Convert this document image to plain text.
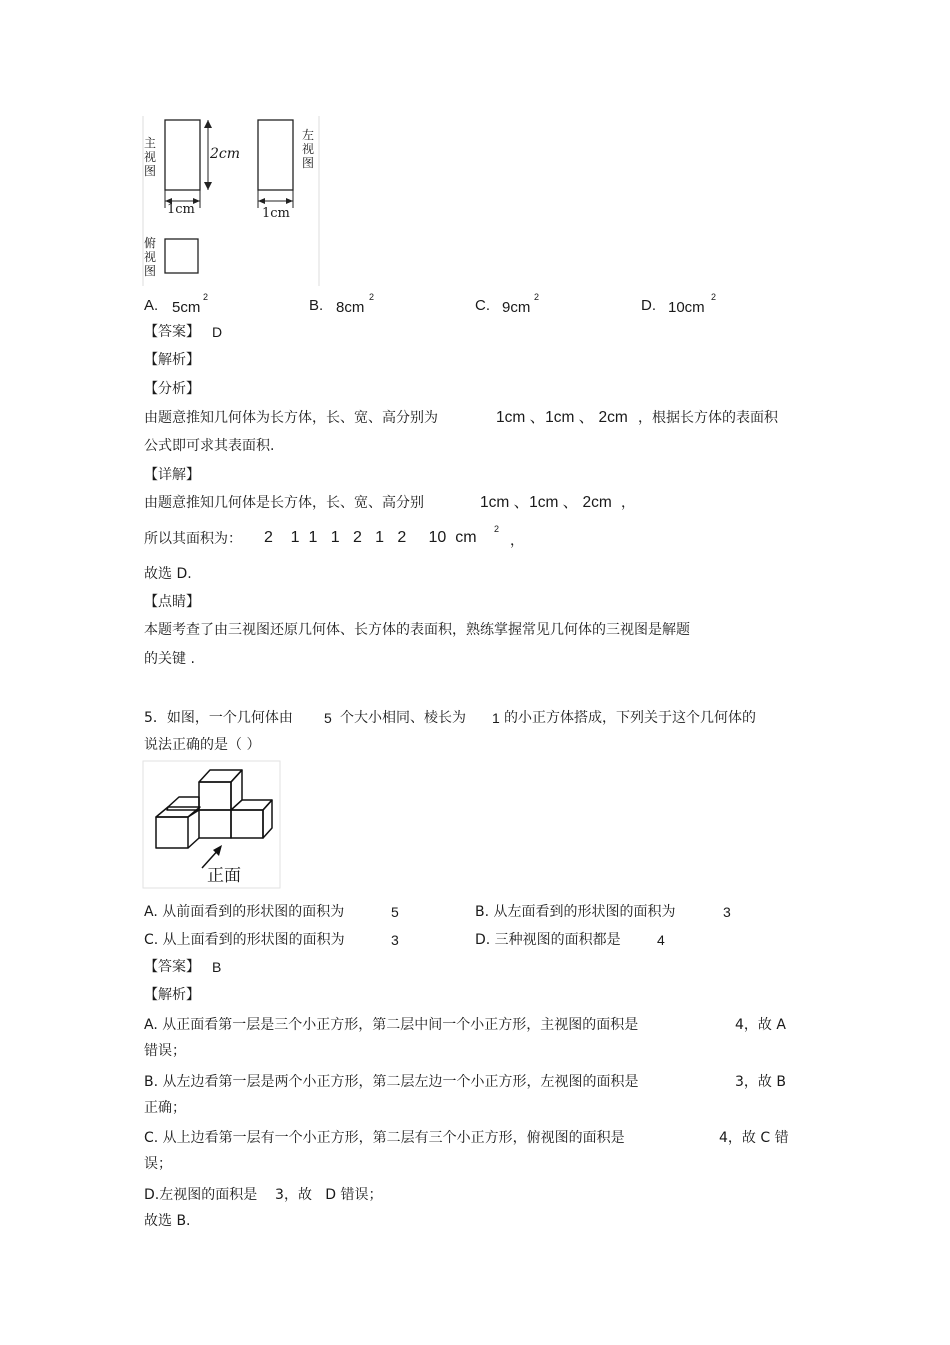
主视图
左视图
俯视图
2cm
1cm	1cm
A. 5cm
2	B. 8cm
2	C. 9cm
2	D. 10cm
2
【答案】 D
【解析】
【分析】
由题意推知几何体为长方体，长、宽、高分别为	1cm 、1cm 、 2cm ，根据长方体的表面积
公式即可求其表面积.
【详解】
由题意推知几何体是长方体，长、宽、高分别	1cm 、1cm 、 2cm ，
所以其面积为： 2    1  1   1   2   1   2     10  cm 2
，
故选 D.
【点睛】
本题考查了由三视图还原几何体、长方体的表面积，熟练掌握常见几何体的三视图是解题
的关键 .
5．如图，一个几何体由 5 个大小相同、棱长为 1 的小正方体搭成，下列关于这个几何体的
说法正确的是（ ）
正面
A. 从前面看到的形状图的面积为	5	B. 从左面看到的形状图的面积为	3
C. 从上面看到的形状图的面积为	3	D. 三种视图的面积都是	4
【答案】 B
【解析】
A. 从正面看第一层是三个小正方形，第二层中间一个小正方形，主视图的面积是	4，故 A
错误；
B. 从左边看第一层是两个小正方形，第二层左边一个小正方形，左视图的面积是	3，故 B
正确；
C. 从上边看第一层有一个小正方形，第二层有三个小正方形，俯视图的面积是	4，故 C 错
误；
D.左视图的面积是    3，故   D 错误；
故选 B.
